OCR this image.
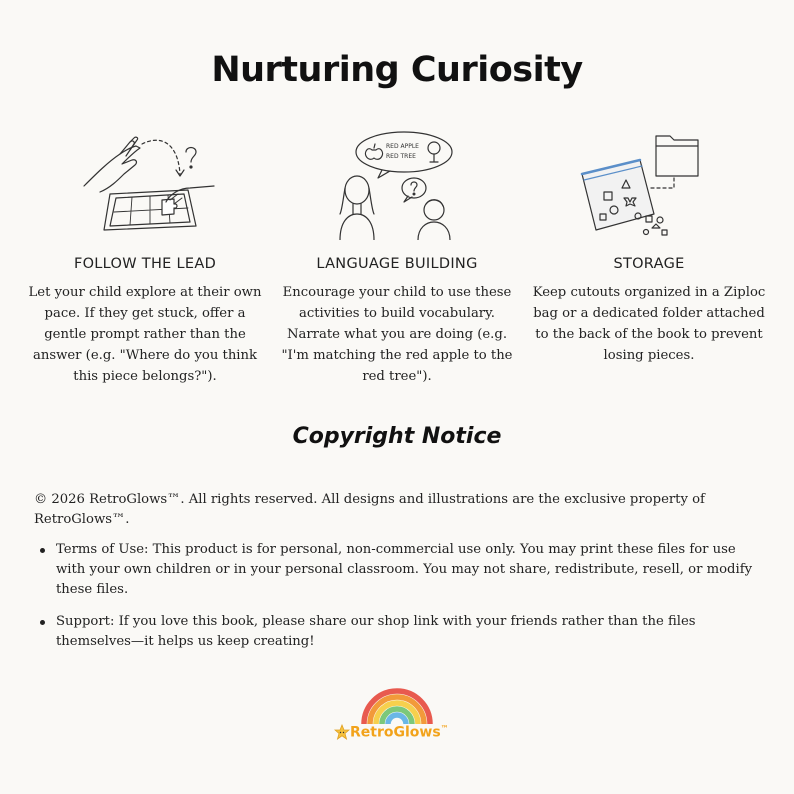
Nurturing Curiosity
FOLLOW THE LEAD
Let your child explore at their own pace. If they get stuck, offer a gentle prompt rather than the answer (e.g. "Where do you think this piece belongs?").
RED APPLE
RED TREE
LANGUAGE BUILDING
Encourage your child to use these activities to build vocabulary. Narrate what you are doing (e.g. "I'm matching the red apple to the red tree").
STORAGE
Keep cutouts organized in a Ziploc bag or a dedicated folder attached to the back of the book to prevent losing pieces.
Copyright Notice
© 2026 RetroGlows™. All rights reserved. All designs and illustrations are the exclusive property of RetroGlows™.
Terms of Use: This product is for personal, non-commercial use only. You may print these files for use with your own children or in your personal classroom. You may not share, redistribute, resell, or modify these files.
Support: If you love this book, please share our shop link with your friends rather than the files themselves—it helps us keep creating!
RetroGlows™
